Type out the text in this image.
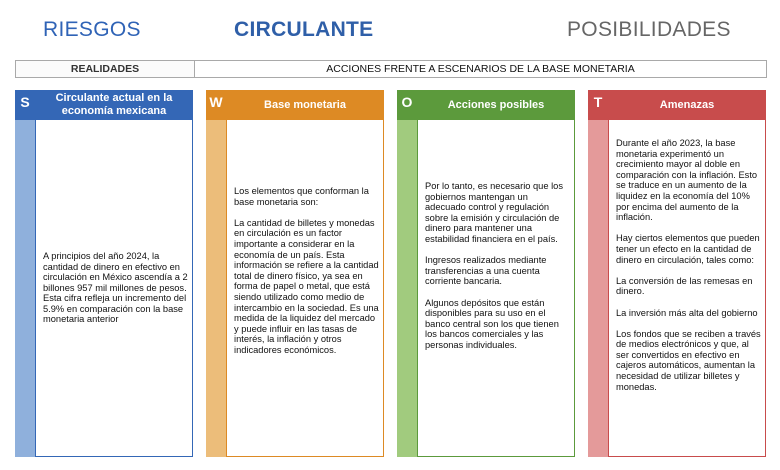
RIESGOS	CIRCULANTE	POSIBILIDADES
REALIDADES	ACCIONES FRENTE A ESCENARIOS DE LA BASE MONETARIA
S	Circulante actual en la economía mexicana

A principios del año 2024, la cantidad de dinero en efectivo en circulación en México ascendía a 2 billones 957 mil millones de pesos. Esta cifra refleja un incremento del 5.9% en comparación con la base monetaria anterior

W	Base monetaria

Los elementos que conforman la base monetaria son:

La cantidad de billetes y monedas en circulación es un factor importante a considerar en la economía de un país. Esta información se refiere a la cantidad total de dinero físico, ya sea en forma de papel o metal, que está siendo utilizado como medio de intercambio en la sociedad. Es una medida de la liquidez del mercado y puede influir en las tasas de interés, la inflación y otros indicadores económicos.

O	Acciones posibles

Por lo tanto, es necesario que los gobiernos mantengan un adecuado control y regulación sobre la emisión y circulación de dinero para mantener una estabilidad financiera en el país.

Ingresos realizados mediante transferencias a una cuenta corriente bancaria.

Algunos depósitos que están disponibles para su uso en el banco central son los que tienen los bancos comerciales y las personas individuales.

T	Amenazas

Durante el año 2023, la base monetaria experimentó un crecimiento mayor al doble en comparación con la inflación. Esto se traduce en un aumento de la liquidez en la economía del 10% por encima del aumento de la inflación.

Hay ciertos elementos que pueden tener un efecto en la cantidad de dinero en circulación, tales como:

La conversión de las remesas en dinero.

La inversión más alta del gobierno

Los fondos que se reciben a través de medios electrónicos y que, al ser convertidos en efectivo en cajeros automáticos, aumentan la necesidad de utilizar billetes y monedas.
